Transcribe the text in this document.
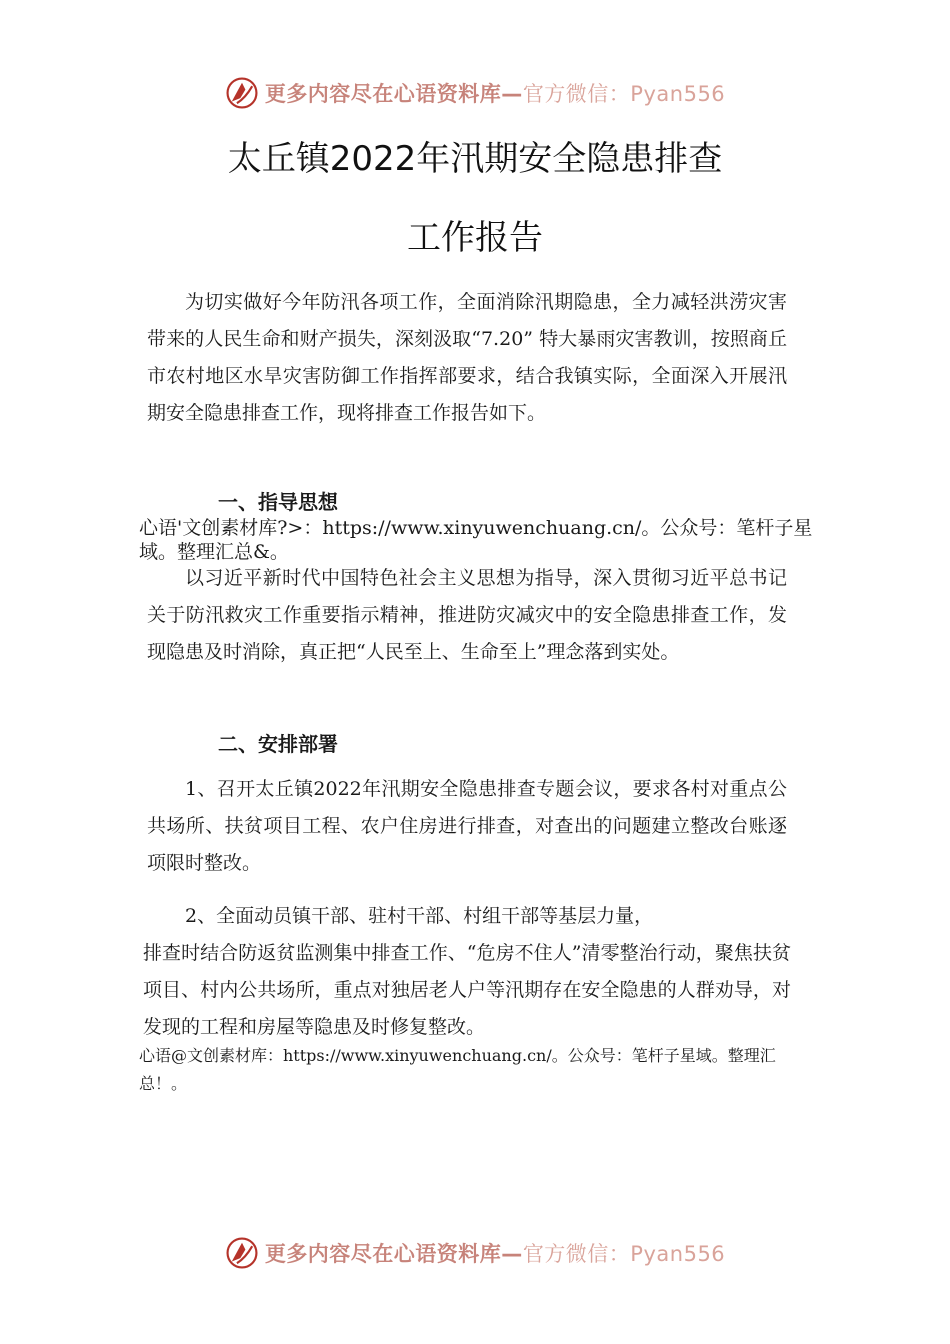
更多内容尽在心语资料库—官方微信：Pyan556
太丘镇2022年汛期安全隐患排查
工作报告
为切实做好今年防汛各项工作，全面消除汛期隐患，全力减轻洪涝灾害带来的人民生命和财产损失，深刻汲取“7.20” 特大暴雨灾害教训，按照商丘市农村地区水旱灾害防御工作指挥部要求，结合我镇实际，全面深入开展汛期安全隐患排查工作，现将排查工作报告如下。
一、指导思想
心语'文创素材库?>：https://www.xinyuwenchuang.cn/。公众号：笔杆子星域。整理汇总&。
以习近平新时代中国特色社会主义思想为指导，深入贯彻习近平总书记关于防汛救灾工作重要指示精神，推进防灾减灾中的安全隐患排查工作，发现隐患及时消除，真正把“人民至上、生命至上”理念落到实处。
二、安排部署
1、召开太丘镇2022年汛期安全隐患排查专题会议，要求各村对重点公共场所、扶贫项目工程、农户住房进行排查，对查出的问题建立整改台账逐项限时整改。
2、全面动员镇干部、驻村干部、村组干部等基层力量，
排查时结合防返贫监测集中排查工作、“危房不住人”清零整治行动，聚焦扶贫项目、村内公共场所，重点对独居老人户等汛期存在安全隐患的人群劝导，对发现的工程和房屋等隐患及时修复整改。
心语@文创素材库：https://www.xinyuwenchuang.cn/。公众号：笔杆子星域。整理汇总！。
更多内容尽在心语资料库—官方微信：Pyan556
